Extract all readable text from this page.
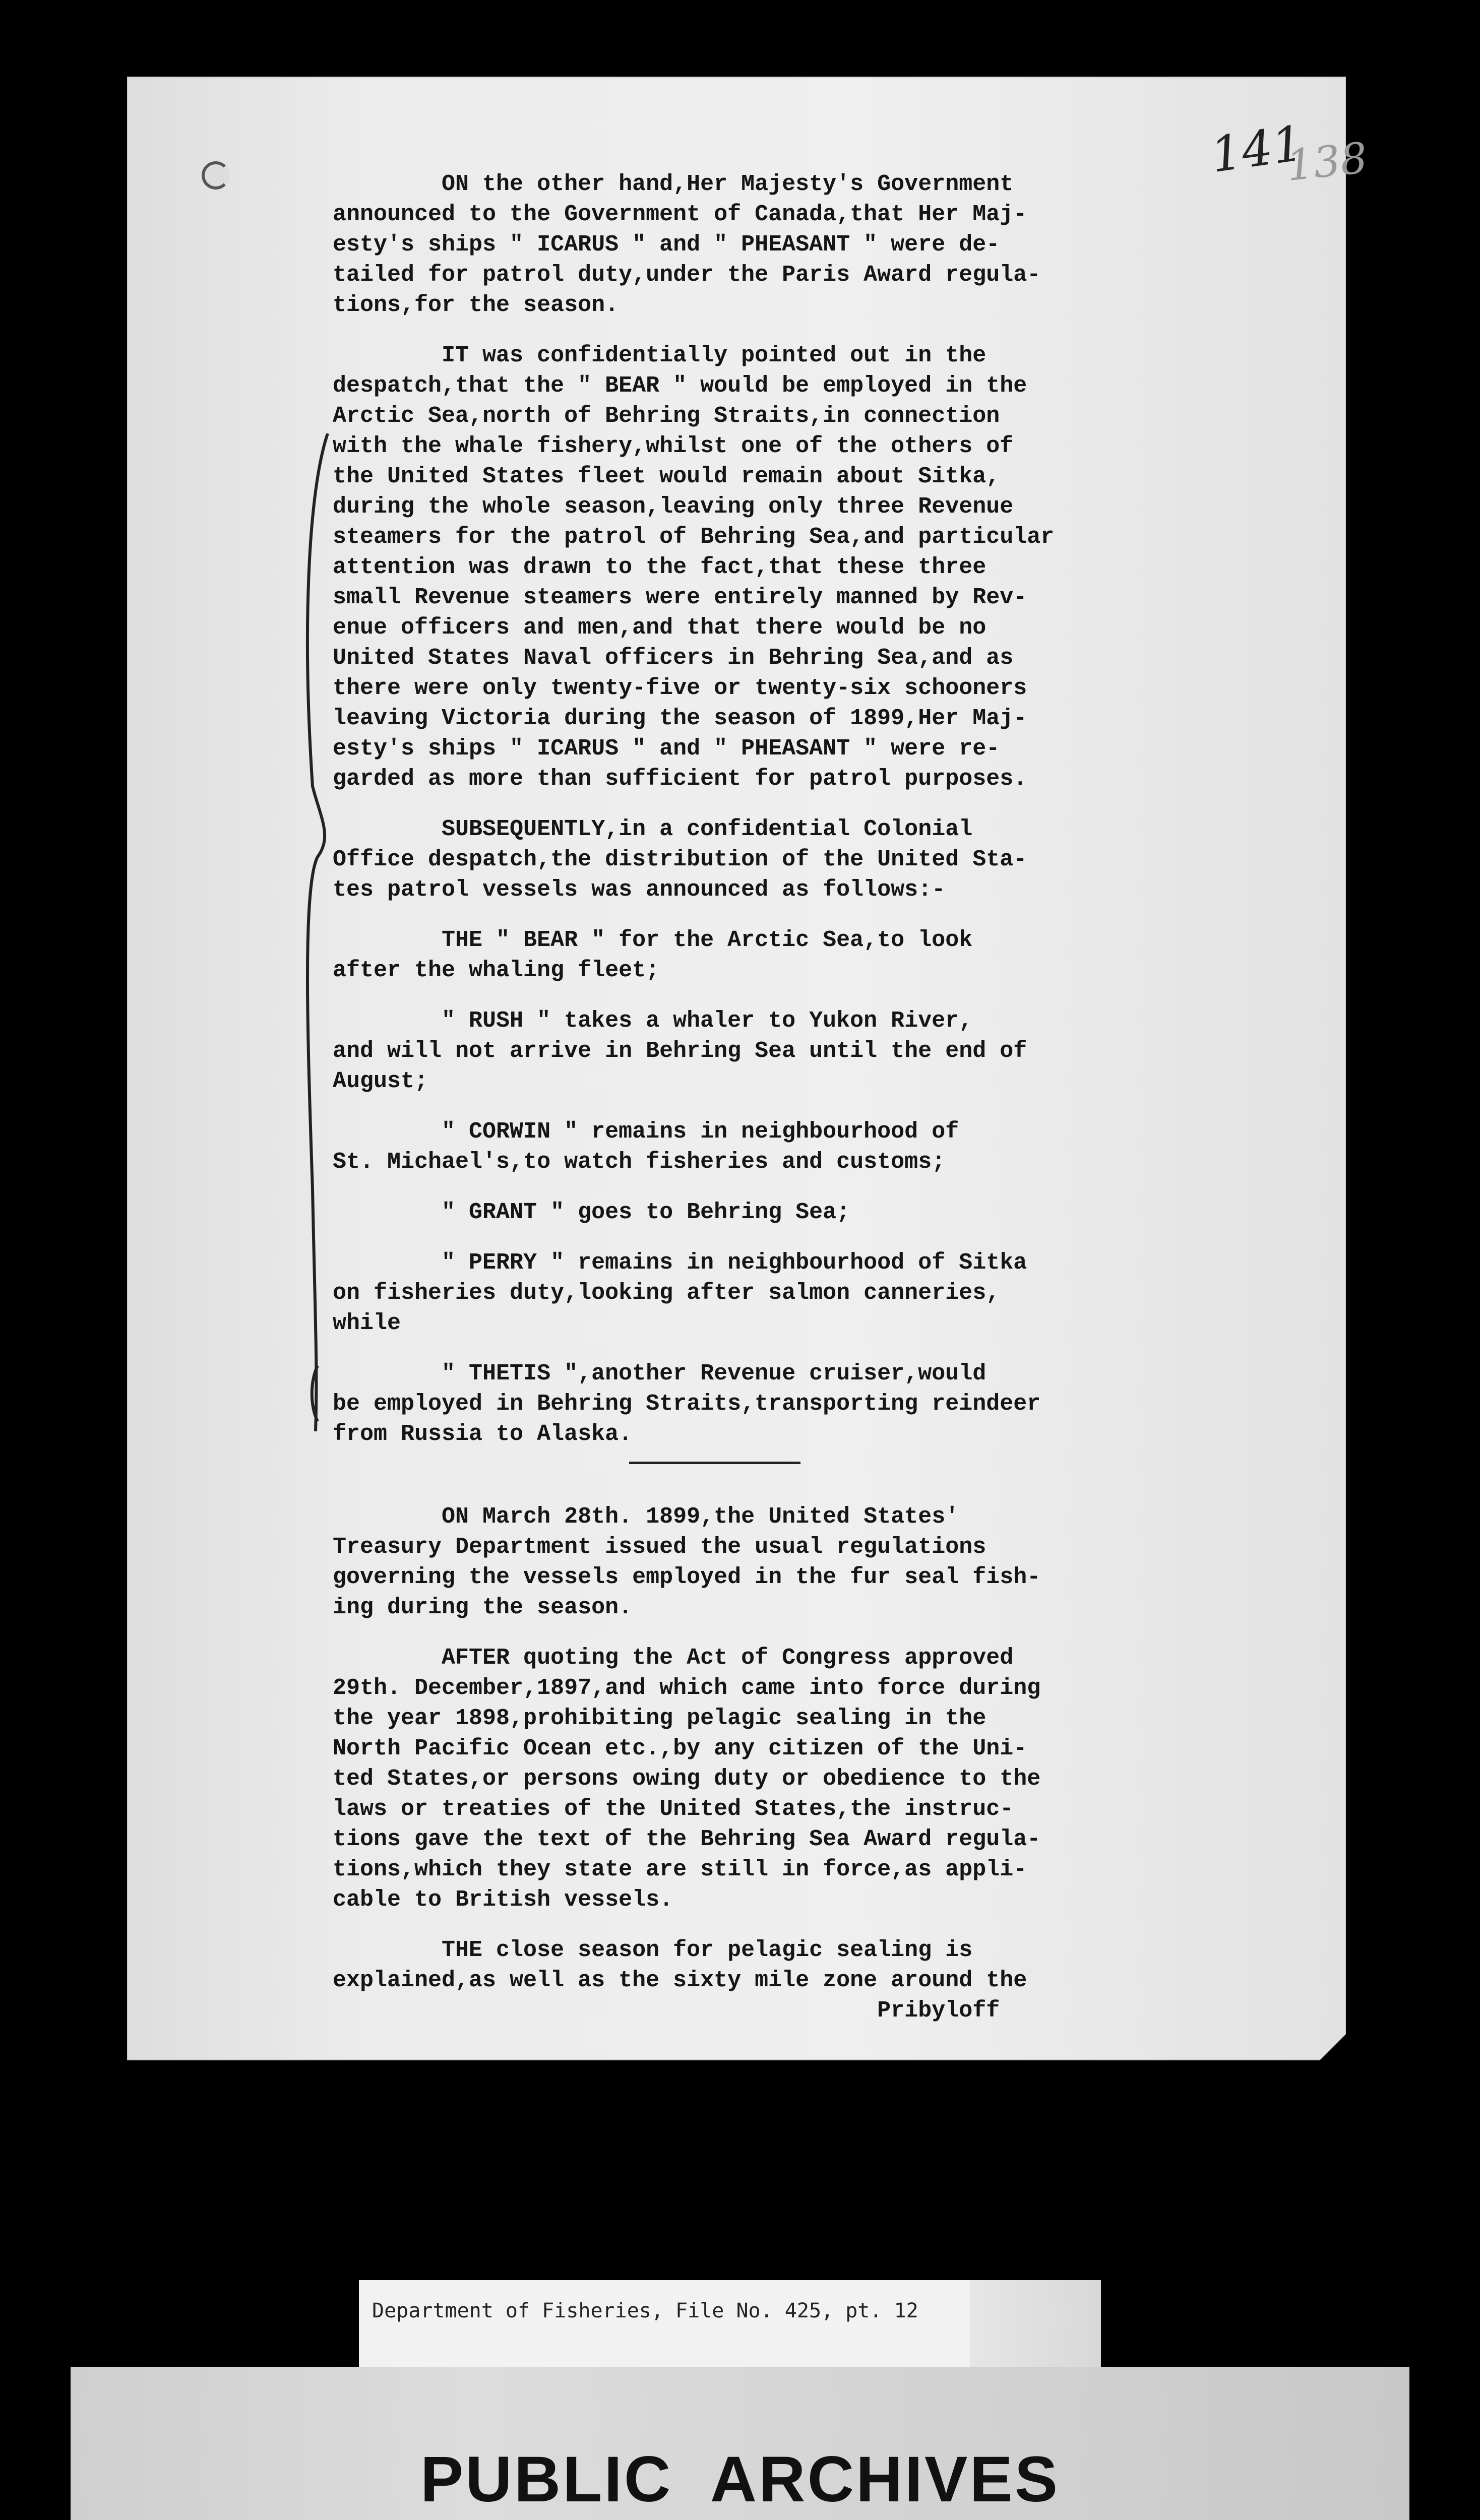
141
138
ON the other hand,Her Majesty's Government
announced to the Government of Canada,that Her Maj-
esty's ships " ICARUS " and " PHEASANT " were de-
tailed for patrol duty,under the Paris Award regula-
tions,for the season.
IT was confidentially pointed out in the
despatch,that the " BEAR " would be employed in the
Arctic Sea,north of Behring Straits,in connection
with the whale fishery,whilst one of the others of
the United States fleet would remain about Sitka,
during the whole season,leaving only three Revenue
steamers for the patrol of Behring Sea,and particular
attention was drawn to the fact,that these three
small Revenue steamers were entirely manned by Rev-
enue officers and men,and that there would be no
United States Naval officers in Behring Sea,and as
there were only twenty-five or twenty-six schooners
leaving Victoria during the season of 1899,Her Maj-
esty's ships " ICARUS " and " PHEASANT " were re-
garded as more than sufficient for patrol purposes.
SUBSEQUENTLY,in a confidential Colonial
Office despatch,the distribution of the United Sta-
tes patrol vessels was announced as follows:-
THE " BEAR " for the Arctic Sea,to look
after the whaling fleet;
" RUSH " takes a whaler to Yukon River,
and will not arrive in Behring Sea until the end of
August;
" CORWIN " remains in neighbourhood of
St. Michael's,to watch fisheries and customs;
" GRANT " goes to Behring Sea;
" PERRY " remains in neighbourhood of Sitka
on fisheries duty,looking after salmon canneries,
while
" THETIS ",another Revenue cruiser,would
be employed in Behring Straits,transporting reindeer
from Russia to Alaska.
ON March 28th. 1899,the United States'
Treasury Department issued the usual regulations
governing the vessels employed in the fur seal fish-
ing during the season.
AFTER quoting the Act of Congress approved
29th. December,1897,and which came into force during
the year 1898,prohibiting pelagic sealing in the
North Pacific Ocean etc.,by any citizen of the Uni-
ted States,or persons owing duty or obedience to the
laws or treaties of the United States,the instruc-
tions gave the text of the Behring Sea Award regula-
tions,which they state are still in force,as appli-
cable to British vessels.
THE close season for pelagic sealing is
explained,as well as the sixty mile zone around the
Pribyloff
Department of Fisheries, File No. 425, pt. 12
PUBLIC  ARCHIVES
